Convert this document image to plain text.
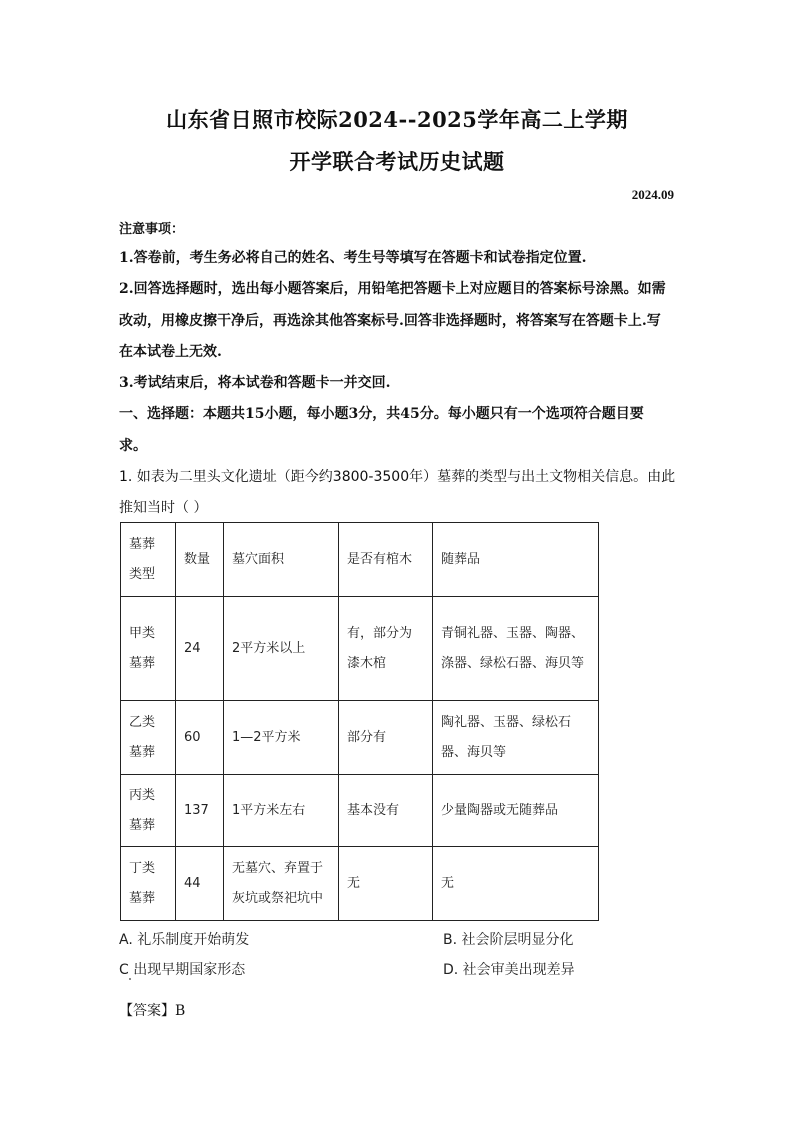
山东省日照市校际2024--2025学年高二上学期
开学联合考试历史试题
2024.09
注意事项：
1.答卷前，考生务必将自己的姓名、考生号等填写在答题卡和试卷指定位置.
2.回答选择题时，选出每小题答案后，用铅笔把答题卡上对应题目的答案标号涂黑。如需
改动，用橡皮擦干净后，再选涂其他答案标号.回答非选择题时，将答案写在答题卡上.写
在本试卷上无效.
3.考试结束后，将本试卷和答题卡一并交回.
一、选择题：本题共15小题，每小题3分，共45分。每小题只有一个选项符合题目要
求。
1. 如表为二里头文化遗址（距今约3800-3500年）墓葬的类型与出土文物相关信息。由此
推知当时（ ）
墓葬类型	数量	墓穴面积	是否有棺木	随葬品
甲类墓葬	24	2平方米以上	有，部分为漆木棺	青铜礼器、玉器、陶器、涤器、绿松石器、海贝等
乙类墓葬	60	1—2平方米	部分有	陶礼器、玉器、绿松石器、海贝等
丙类墓葬	137	1平方米左右	基本没有	少量陶器或无随葬品
丁类墓葬	44	无墓穴、弃置于灰坑或祭祀坑中	无	无
A. 礼乐制度开始萌发	B. 社会阶层明显分化
C 出现早期国家形态	D. 社会审美出现差异
【答案】B
